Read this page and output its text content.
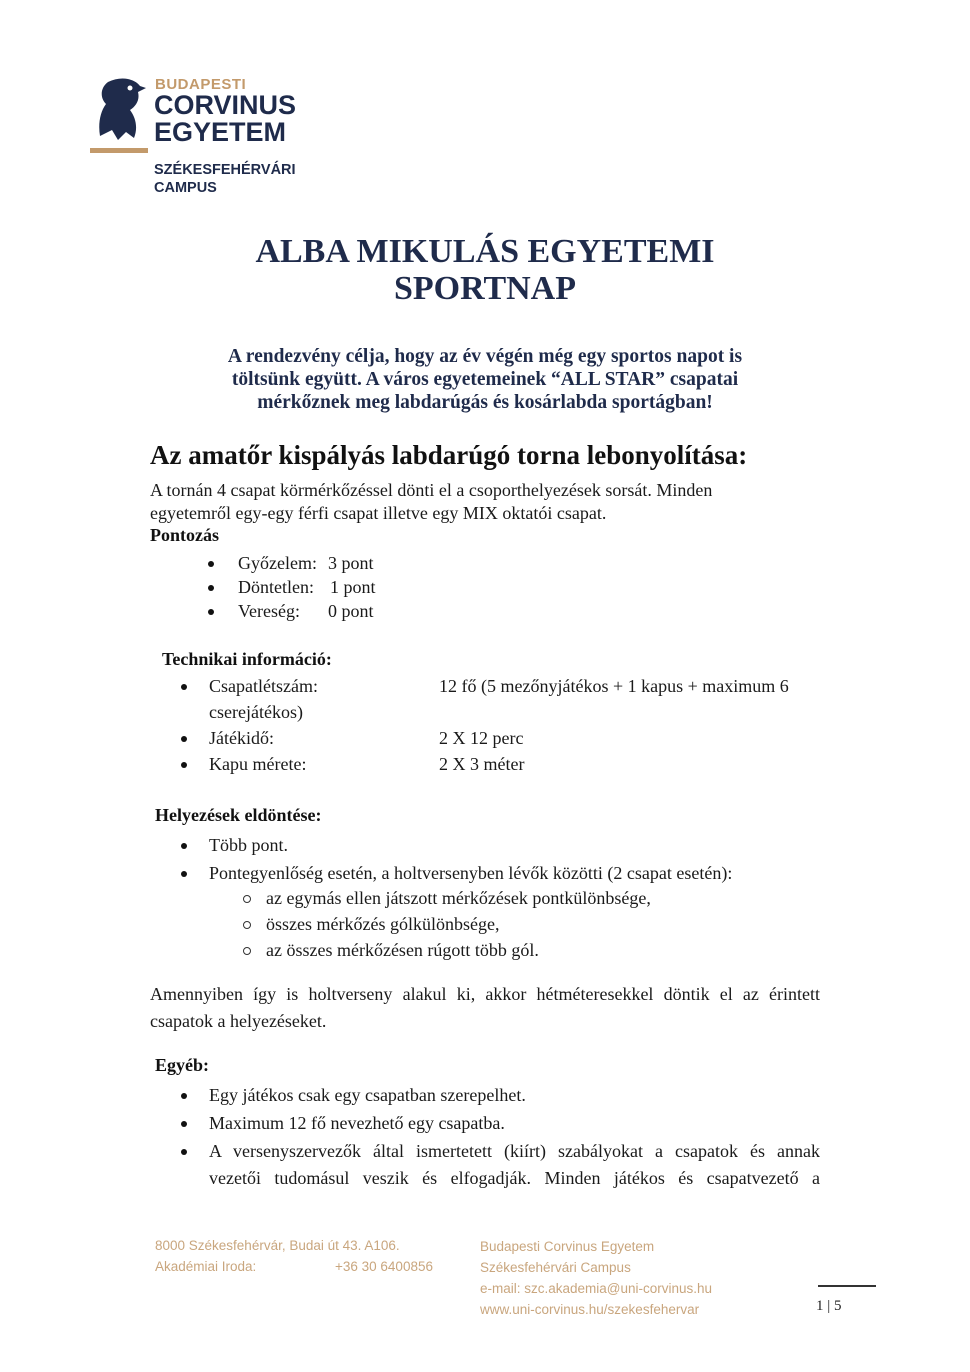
BUDAPESTI
CORVINUS
EGYETEM
SZÉKESFEHÉRVÁRI
CAMPUS
ALBA MIKULÁS EGYETEMI
SPORTNAP
A rendezvény célja, hogy az év végén még egy sportos napot is
töltsünk együtt. A város egyetemeinek “ALL STAR” csapatai
mérkőznek meg labdarúgás és kosárlabda sportágban!
Az amatőr kispályás labdarúgó torna lebonyolítása:
A tornán 4 csapat körmérkőzéssel dönti el a csoporthelyezések sorsát. Minden
egyetemről egy-egy férfi csapat illetve egy MIX oktatói csapat.
Pontozás
Győzelem: 3 pont
Döntetlen: 1 pont
Vereség: 0 pont
Technikai információ:
Csapatlétszám:	12 fő (5 mezőnyjátékos + 1 kapus + maximum 6
cserejátékos)
Játékidő:	2 X 12 perc
Kapu mérete:	2 X 3 méter
Helyezések eldöntése:
Több pont.
Pontegyenlőség esetén, a holtversenyben lévők közötti (2 csapat esetén):
az egymás ellen játszott mérkőzések pontkülönbsége,
összes mérkőzés gólkülönbsége,
az összes mérkőzésen rúgott több gól.
Amennyiben így is holtverseny alakul ki, akkor hétméteresekkel döntik el az érintett
csapatok a helyezéseket.
Egyéb:
Egy játékos csak egy csapatban szerepelhet.
Maximum 12 fő nevezhető egy csapatba.
A versenyszervezők által ismertetett (kiírt) szabályokat a csapatok és annak
vezetői tudomásul veszik és elfogadják. Minden játékos és csapatvezető a
8000 Székesfehérvár, Budai út 43. A106.
Akadémiai Iroda:	+36 30 6400856
Budapesti Corvinus Egyetem
Székesfehérvári Campus
e-mail: szc.akademia@uni-corvinus.hu
www.uni-corvinus.hu/szekesfehervar	1 | 5
